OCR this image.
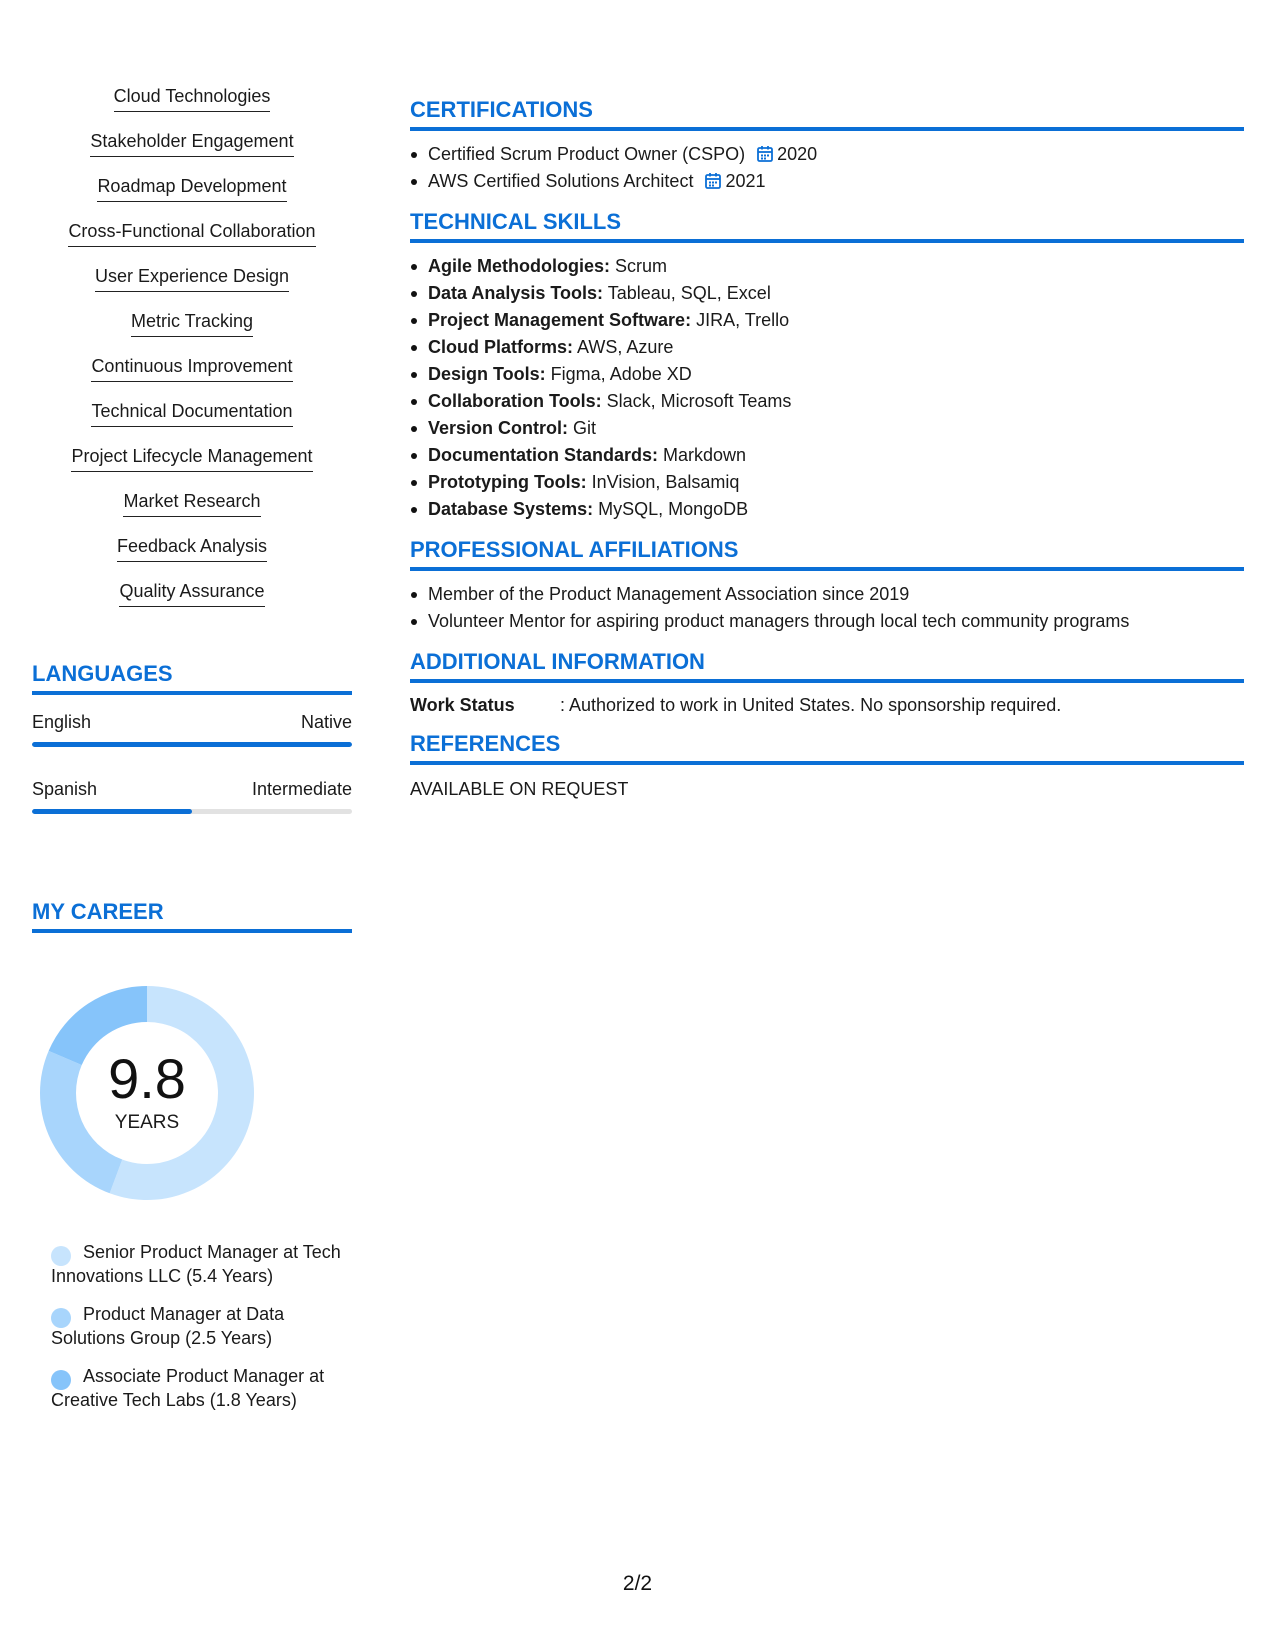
Cloud Technologies
Stakeholder Engagement
Roadmap Development
Cross-Functional Collaboration
User Experience Design
Metric Tracking
Continuous Improvement
Technical Documentation
Project Lifecycle Management
Market Research
Feedback Analysis
Quality Assurance
LANGUAGES
English	Native
Spanish	Intermediate
MY CAREER
9.8
YEARS
Senior Product Manager at Tech Innovations LLC (5.4 Years)
Product Manager at Data Solutions Group (2.5 Years)
Associate Product Manager at Creative Tech Labs (1.8 Years)
CERTIFICATIONS
Certified Scrum Product Owner (CSPO) 2020
AWS Certified Solutions Architect 2021
TECHNICAL SKILLS
Agile Methodologies: Scrum
Data Analysis Tools: Tableau, SQL, Excel
Project Management Software: JIRA, Trello
Cloud Platforms: AWS, Azure
Design Tools: Figma, Adobe XD
Collaboration Tools: Slack, Microsoft Teams
Version Control: Git
Documentation Standards: Markdown
Prototyping Tools: InVision, Balsamiq
Database Systems: MySQL, MongoDB
PROFESSIONAL AFFILIATIONS
Member of the Product Management Association since 2019
Volunteer Mentor for aspiring product managers through local tech community programs
ADDITIONAL INFORMATION
Work Status	: Authorized to work in United States. No sponsorship required.
REFERENCES
AVAILABLE ON REQUEST
2/2
